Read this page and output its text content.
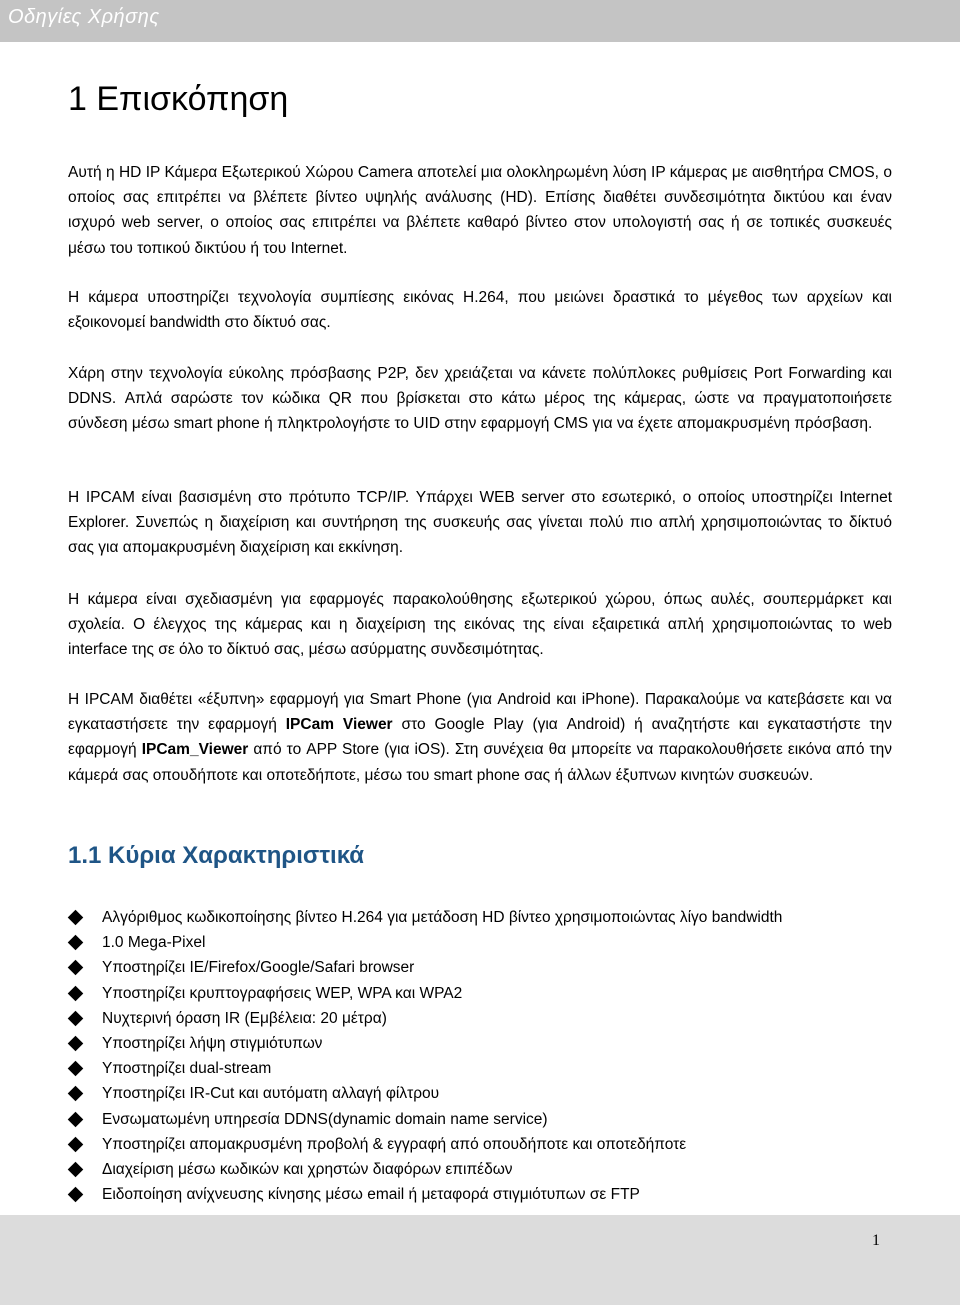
Οδηγίες Χρήσης
1 Επισκόπηση

Αυτή η HD IP Κάμερα Εξωτερικού Χώρου Camera αποτελεί μια ολοκληρωμένη λύση IP κάμερας με αισθητήρα CMOS, ο οποίος σας επιτρέπει να βλέπετε βίντεο υψηλής ανάλυσης (HD). Επίσης διαθέτει συνδεσιμότητα δικτύου και έναν ισχυρό web server, ο οποίος σας επιτρέπει να βλέπετε καθαρό βίντεο στον υπολογιστή σας ή σε τοπικές συσκευές μέσω του τοπικού δικτύου ή του Internet.

Η κάμερα υποστηρίζει τεχνολογία συμπίεσης εικόνας H.264, που μειώνει δραστικά το μέγεθος των αρχείων και εξοικονομεί bandwidth στο δίκτυό σας.

Χάρη στην τεχνολογία εύκολης πρόσβασης P2P, δεν χρειάζεται να κάνετε πολύπλοκες ρυθμίσεις Port Forwarding και DDNS. Απλά σαρώστε τον κώδικα QR που βρίσκεται στο κάτω μέρος της κάμερας, ώστε να πραγματοποιήσετε σύνδεση μέσω smart phone ή πληκτρολογήστε το UID στην εφαρμογή CMS για να έχετε απομακρυσμένη πρόσβαση.

Η IPCAM είναι βασισμένη στο πρότυπο TCP/IP. Υπάρχει WEB server στο εσωτερικό, ο οποίος υποστηρίζει Internet Explorer. Συνεπώς η διαχείριση και συντήρηση της συσκευής σας γίνεται πολύ πιο απλή χρησιμοποιώντας το δίκτυό σας για απομακρυσμένη διαχείριση και εκκίνηση.

Η κάμερα είναι σχεδιασμένη για εφαρμογές παρακολούθησης εξωτερικού χώρου, όπως αυλές, σουπερμάρκετ και σχολεία. Ο έλεγχος της κάμερας και η διαχείριση της εικόνας της είναι εξαιρετικά απλή χρησιμοποιώντας το web interface της σε όλο το δίκτυό σας, μέσω ασύρματης συνδεσιμότητας.

Η IPCAM διαθέτει «έξυπνη» εφαρμογή για Smart Phone (για Android και iPhone). Παρακαλούμε να κατεβάσετε και να εγκαταστήσετε την εφαρμογή IPCam Viewer στο Google Play (για Android) ή αναζητήστε και εγκαταστήστε την εφαρμογή IPCam_Viewer από το APP Store (για iOS). Στη συνέχεια θα μπορείτε να παρακολουθήσετε εικόνα από την κάμερά σας οπουδήποτε και οποτεδήποτε, μέσω του smart phone σας ή άλλων έξυπνων κινητών συσκευών.

1.1 Κύρια Χαρακτηριστικά
Αλγόριθμος κωδικοποίησης βίντεο H.264 για μετάδοση HD βίντεο χρησιμοποιώντας λίγο bandwidth
1.0 Mega-Pixel
Υποστηρίζει IE/Firefox/Google/Safari browser
Υποστηρίζει κρυπτογραφήσεις WEP, WPA και WPA2
Νυχτερινή όραση IR (Εμβέλεια: 20 μέτρα)
Υποστηρίζει λήψη στιγμιότυπων
Υποστηρίζει dual-stream
Υποστηρίζει IR-Cut και αυτόματη αλλαγή φίλτρου
Ενσωματωμένη υπηρεσία DDNS(dynamic domain name service)
Υποστηρίζει απομακρυσμένη προβολή & εγγραφή από οπουδήποτε και οποτεδήποτε
Διαχείριση μέσω κωδικών και χρηστών διαφόρων επιπέδων
Ειδοποίηση ανίχνευσης κίνησης μέσω email ή μεταφορά στιγμιότυπων σε FTP
1
